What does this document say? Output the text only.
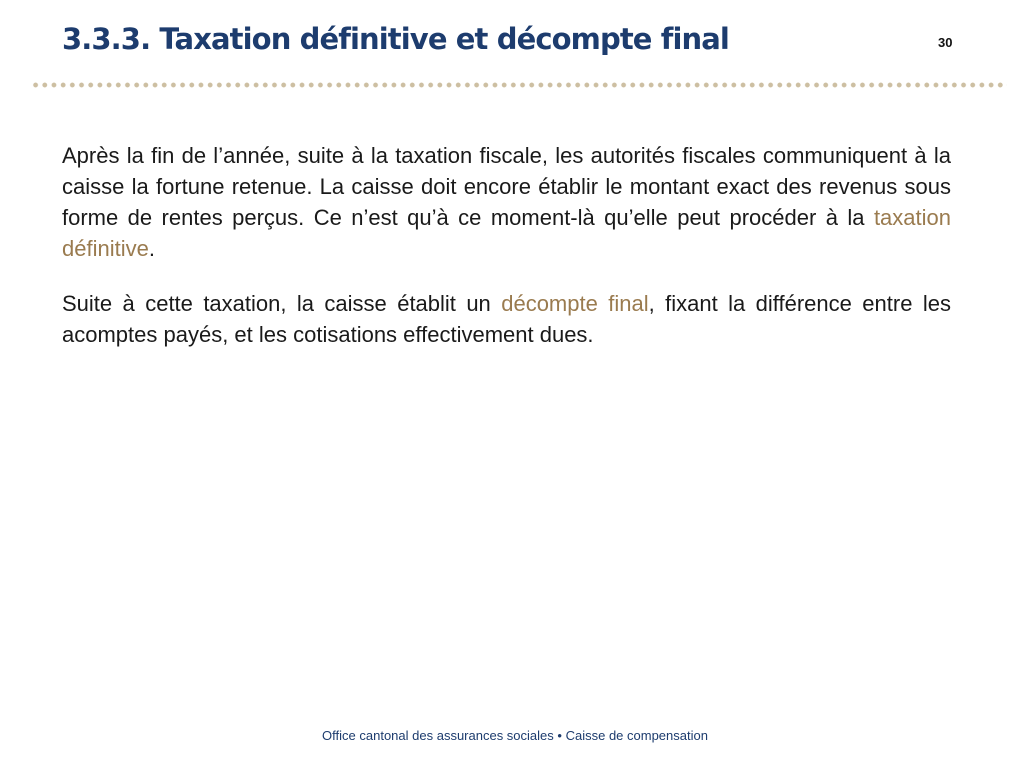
3.3.3. Taxation définitive et décompte final	30

Après la fin de l’année, suite à la taxation fiscale, les autorités fiscales communiquent à la caisse la fortune retenue. La caisse doit encore établir le montant exact des revenus sous forme de rentes perçus. Ce n’est qu’à ce moment-là qu’elle peut procéder à la taxation définitive.

Suite à cette taxation, la caisse établit un décompte final, fixant la différence entre les acomptes payés, et les cotisations effectivement dues.

Office cantonal des assurances sociales • Caisse de compensation
